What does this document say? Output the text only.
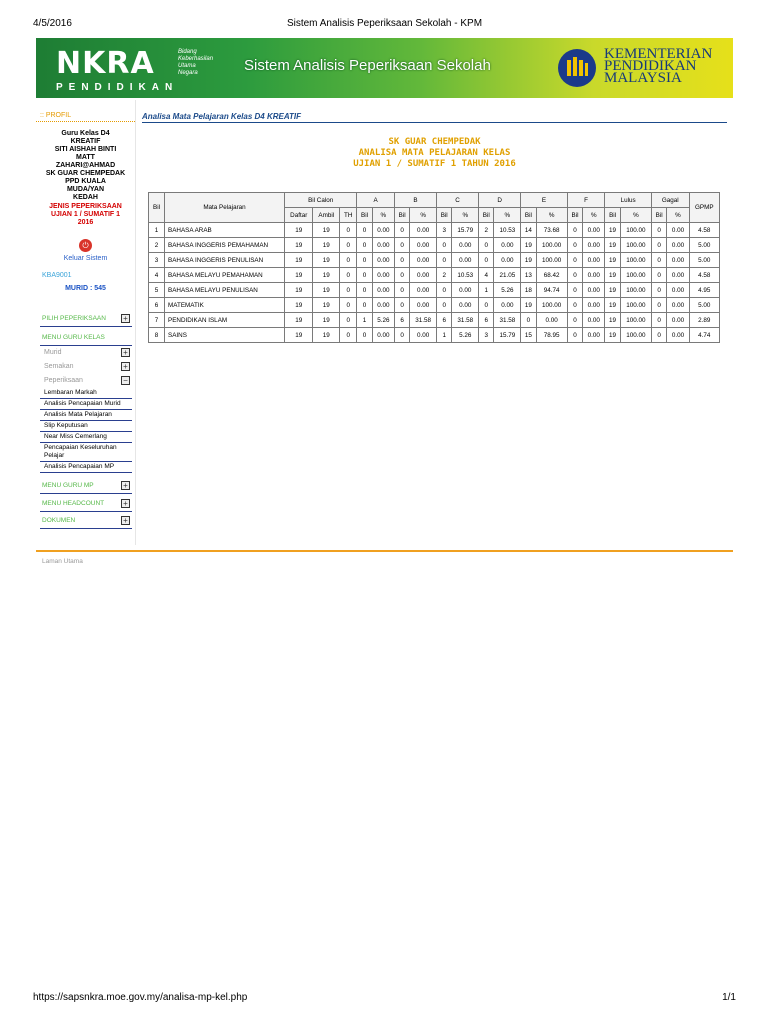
4/5/2016	Sistem Analisis Peperiksaan Sekolah - KPM
NKRA	Bidang
Keberhasilan
Utama
Negara
PENDIDIKAN
Sistem Analisis Peperiksaan Sekolah
KEMENTERIAN
PENDIDIKAN
MALAYSIA
:: PROFIL
Guru Kelas D4
KREATIF
SITI AISHAH BINTI
MATT
ZAHARI@AHMAD
SK GUAR CHEMPEDAK
PPD KUALA
MUDA/YAN
KEDAH
JENIS PEPERIKSAAN
UJIAN 1 / SUMATIF 1
2016
⏻
Keluar Sistem
KBA9001
MURID : 545
PILIH PEPERIKSAAN +
MENU GURU KELAS
Murid	+
Semakan	+
Peperiksaan	−
Lembaran Markah
Analisis Pencapaian Murid
Analisis Mata Pelajaran
Slip Keputusan
Near Miss Cemerlang
Pencapaian Keseluruhan Pelajar
Analisis Pencapaian MP
MENU GURU MP	+
MENU HEADCOUNT +
DOKUMEN	+
Analisa Mata Pelajaran Kelas D4 KREATIF
SK GUAR CHEMPEDAK
ANALISA MATA PELAJARAN KELAS
UJIAN 1 / SUMATIF 1 TAHUN 2016
Bil	Mata Pelajaran	Bil Calon			A		B		C		D		E		F		Lulus		Gagal		GPMP
		Daftar	Ambil	TH	Bil	%	Bil	%	Bil	%	Bil	%	Bil	%	Bil	%	Bil	%	Bil	%	
1	BAHASA ARAB	19	19	0	0	0.00	0	0.00	3	15.79	2	10.53	14	73.68	0	0.00	19	100.00	0	0.00	4.58
2	BAHASA INGGERIS PEMAHAMAN	19	19	0	0	0.00	0	0.00	0	0.00	0	0.00	19	100.00	0	0.00	19	100.00	0	0.00	5.00
3	BAHASA INGGERIS PENULISAN	19	19	0	0	0.00	0	0.00	0	0.00	0	0.00	19	100.00	0	0.00	19	100.00	0	0.00	5.00
4	BAHASA MELAYU PEMAHAMAN	19	19	0	0	0.00	0	0.00	2	10.53	4	21.05	13	68.42	0	0.00	19	100.00	0	0.00	4.58
5	BAHASA MELAYU PENULISAN	19	19	0	0	0.00	0	0.00	0	0.00	1	5.26	18	94.74	0	0.00	19	100.00	0	0.00	4.95
6	MATEMATIK	19	19	0	0	0.00	0	0.00	0	0.00	0	0.00	19	100.00	0	0.00	19	100.00	0	0.00	5.00
7	PENDIDIKAN ISLAM	19	19	0	1	5.26	6	31.58	6	31.58	6	31.58	0	0.00	0	0.00	19	100.00	0	0.00	2.89
8	SAINS	19	19	0	0	0.00	0	0.00	1	5.26	3	15.79	15	78.95	0	0.00	19	100.00	0	0.00	4.74
Laman Utama
https://sapsnkra.moe.gov.my/analisa-mp-kel.php	1/1
